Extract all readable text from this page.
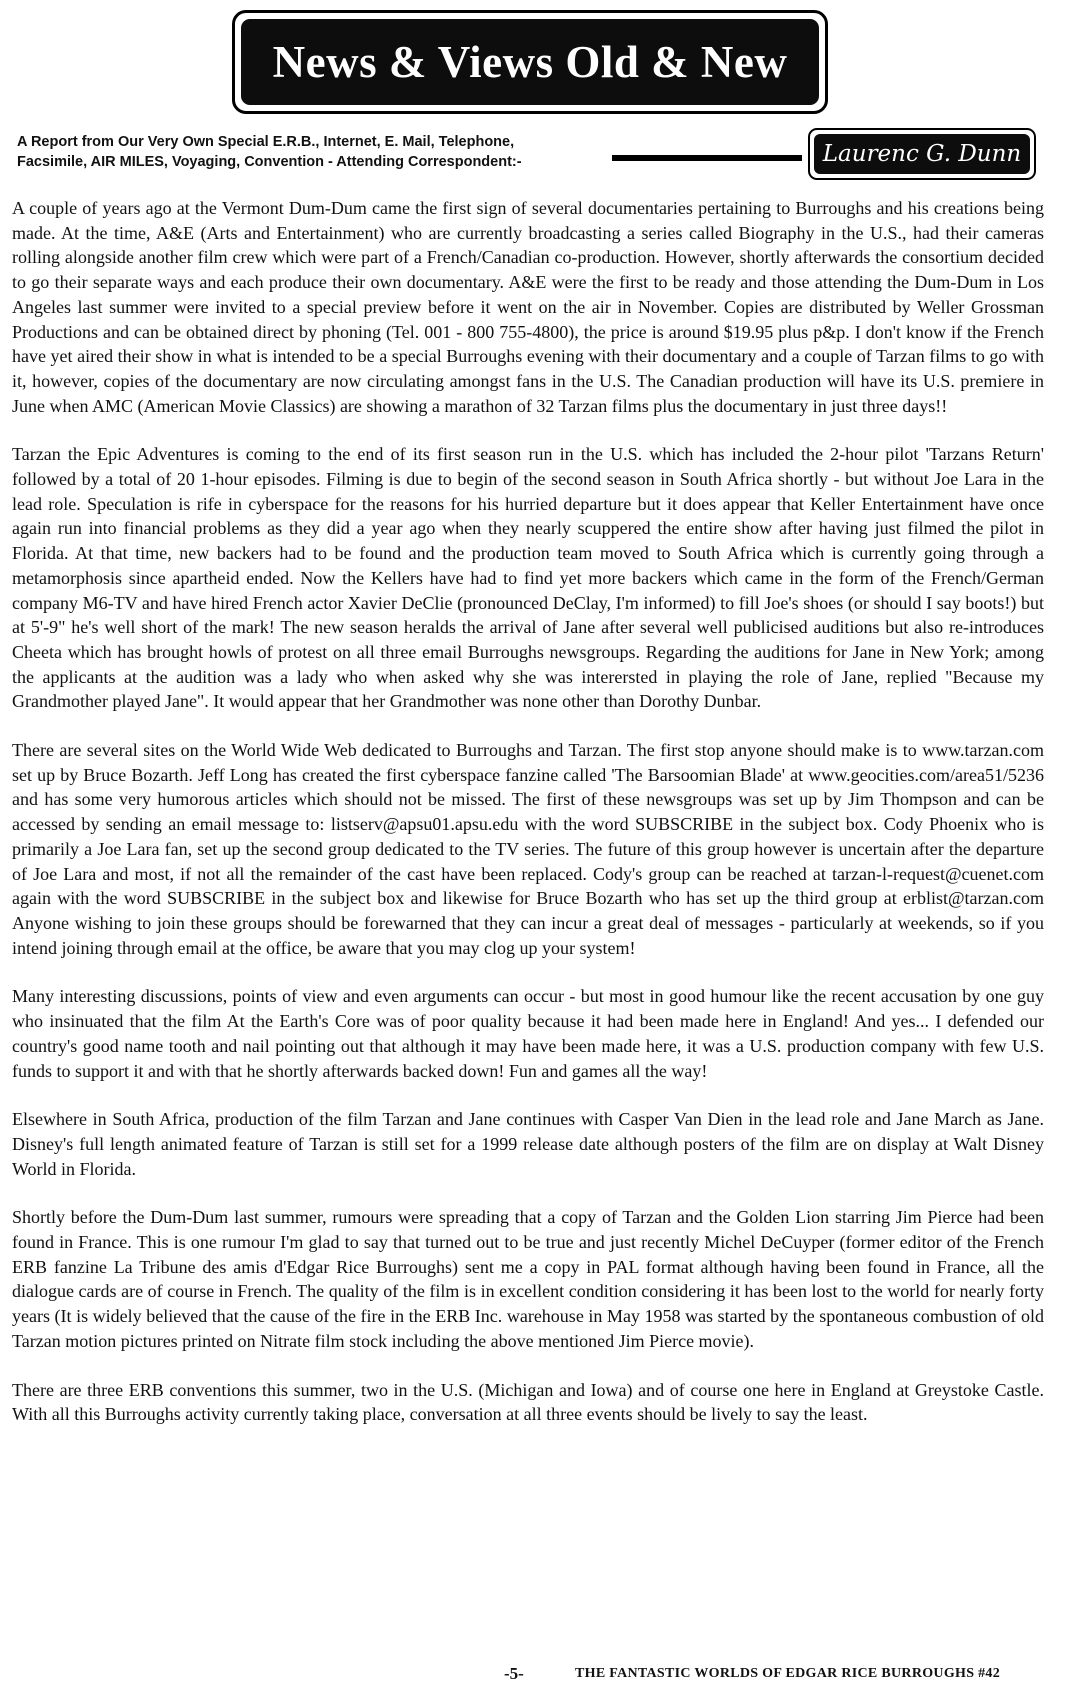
News & Views Old & New
A Report from Our Very Own Special E.R.B., Internet, E. Mail, Telephone,
Facsimile, AIR MILES, Voyaging, Convention - Attending Correspondent:-	Laurenc G. Dunn

A couple of years ago at the Vermont Dum-Dum came the first sign of several documentaries pertaining to Burroughs and his creations being made. At the time, A&E (Arts and Entertainment) who are currently broadcasting a series called Biography in the U.S., had their cameras rolling alongside another film crew which were part of a French/Canadian co-production. However, shortly afterwards the consortium decided to go their separate ways and each produce their own documentary. A&E were the first to be ready and those attending the Dum-Dum in Los Angeles last summer were invited to a special preview before it went on the air in November. Copies are distributed by Weller Grossman Productions and can be obtained direct by phoning (Tel. 001 - 800 755-4800), the price is around $19.95 plus p&p. I don't know if the French have yet aired their show in what is intended to be a special Burroughs evening with their documentary and a couple of Tarzan films to go with it, however, copies of the documentary are now circulating amongst fans in the U.S. The Canadian production will have its U.S. premiere in June when AMC (American Movie Classics) are showing a marathon of 32 Tarzan films plus the documentary in just three days!!

Tarzan the Epic Adventures is coming to the end of its first season run in the U.S. which has included the 2-hour pilot 'Tarzans Return' followed by a total of 20 1-hour episodes. Filming is due to begin of the second season in South Africa shortly - but without Joe Lara in the lead role. Speculation is rife in cyberspace for the reasons for his hurried departure but it does appear that Keller Entertainment have once again run into financial problems as they did a year ago when they nearly scuppered the entire show after having just filmed the pilot in Florida. At that time, new backers had to be found and the production team moved to South Africa which is currently going through a metamorphosis since apartheid ended. Now the Kellers have had to find yet more backers which came in the form of the French/German company M6-TV and have hired French actor Xavier DeClie (pronounced DeClay, I'm informed) to fill Joe's shoes (or should I say boots!) but at 5'-9" he's well short of the mark! The new season heralds the arrival of Jane after several well publicised auditions but also re-introduces Cheeta which has brought howls of protest on all three email Burroughs newsgroups. Regarding the auditions for Jane in New York; among the applicants at the audition was a lady who when asked why she was interersted in playing the role of Jane, replied "Because my Grandmother played Jane". It would appear that her Grandmother was none other than Dorothy Dunbar.

There are several sites on the World Wide Web dedicated to Burroughs and Tarzan. The first stop anyone should make is to www.tarzan.com set up by Bruce Bozarth. Jeff Long has created the first cyberspace fanzine called 'The Barsoomian Blade' at www.geocities.com/area51/5236 and has some very humorous articles which should not be missed. The first of these newsgroups was set up by Jim Thompson and can be accessed by sending an email message to: listserv@apsu01.apsu.edu with the word SUBSCRIBE in the subject box. Cody Phoenix who is primarily a Joe Lara fan, set up the second group dedicated to the TV series. The future of this group however is uncertain after the departure of Joe Lara and most, if not all the remainder of the cast have been replaced. Cody's group can be reached at tarzan-l-request@cuenet.com again with the word SUBSCRIBE in the subject box and likewise for Bruce Bozarth who has set up the third group at erblist@tarzan.com Anyone wishing to join these groups should be forewarned that they can incur a great deal of messages - particularly at weekends, so if you intend joining through email at the office, be aware that you may clog up your system!

Many interesting discussions, points of view and even arguments can occur - but most in good humour like the recent accusation by one guy who insinuated that the film At the Earth's Core was of poor quality because it had been made here in England! And yes... I defended our country's good name tooth and nail pointing out that although it may have been made here, it was a U.S. production company with few U.S. funds to support it and with that he shortly afterwards backed down! Fun and games all the way!

Elsewhere in South Africa, production of the film Tarzan and Jane continues with Casper Van Dien in the lead role and Jane March as Jane. Disney's full length animated feature of Tarzan is still set for a 1999 release date although posters of the film are on display at Walt Disney World in Florida.

Shortly before the Dum-Dum last summer, rumours were spreading that a copy of Tarzan and the Golden Lion starring Jim Pierce had been found in France. This is one rumour I'm glad to say that turned out to be true and just recently Michel DeCuyper (former editor of the French ERB fanzine La Tribune des amis d'Edgar Rice Burroughs) sent me a copy in PAL format although having been found in France, all the dialogue cards are of course in French. The quality of the film is in excellent condition considering it has been lost to the world for nearly forty years (It is widely believed that the cause of the fire in the ERB Inc. warehouse in May 1958 was started by the spontaneous combustion of old Tarzan motion pictures printed on Nitrate film stock including the above mentioned Jim Pierce movie).

There are three ERB conventions this summer, two in the U.S. (Michigan and Iowa) and of course one here in England at Greystoke Castle. With all this Burroughs activity currently taking place, conversation at all three events should be lively to say the least.

-5-	THE FANTASTIC WORLDS OF EDGAR RICE BURROUGHS #42
